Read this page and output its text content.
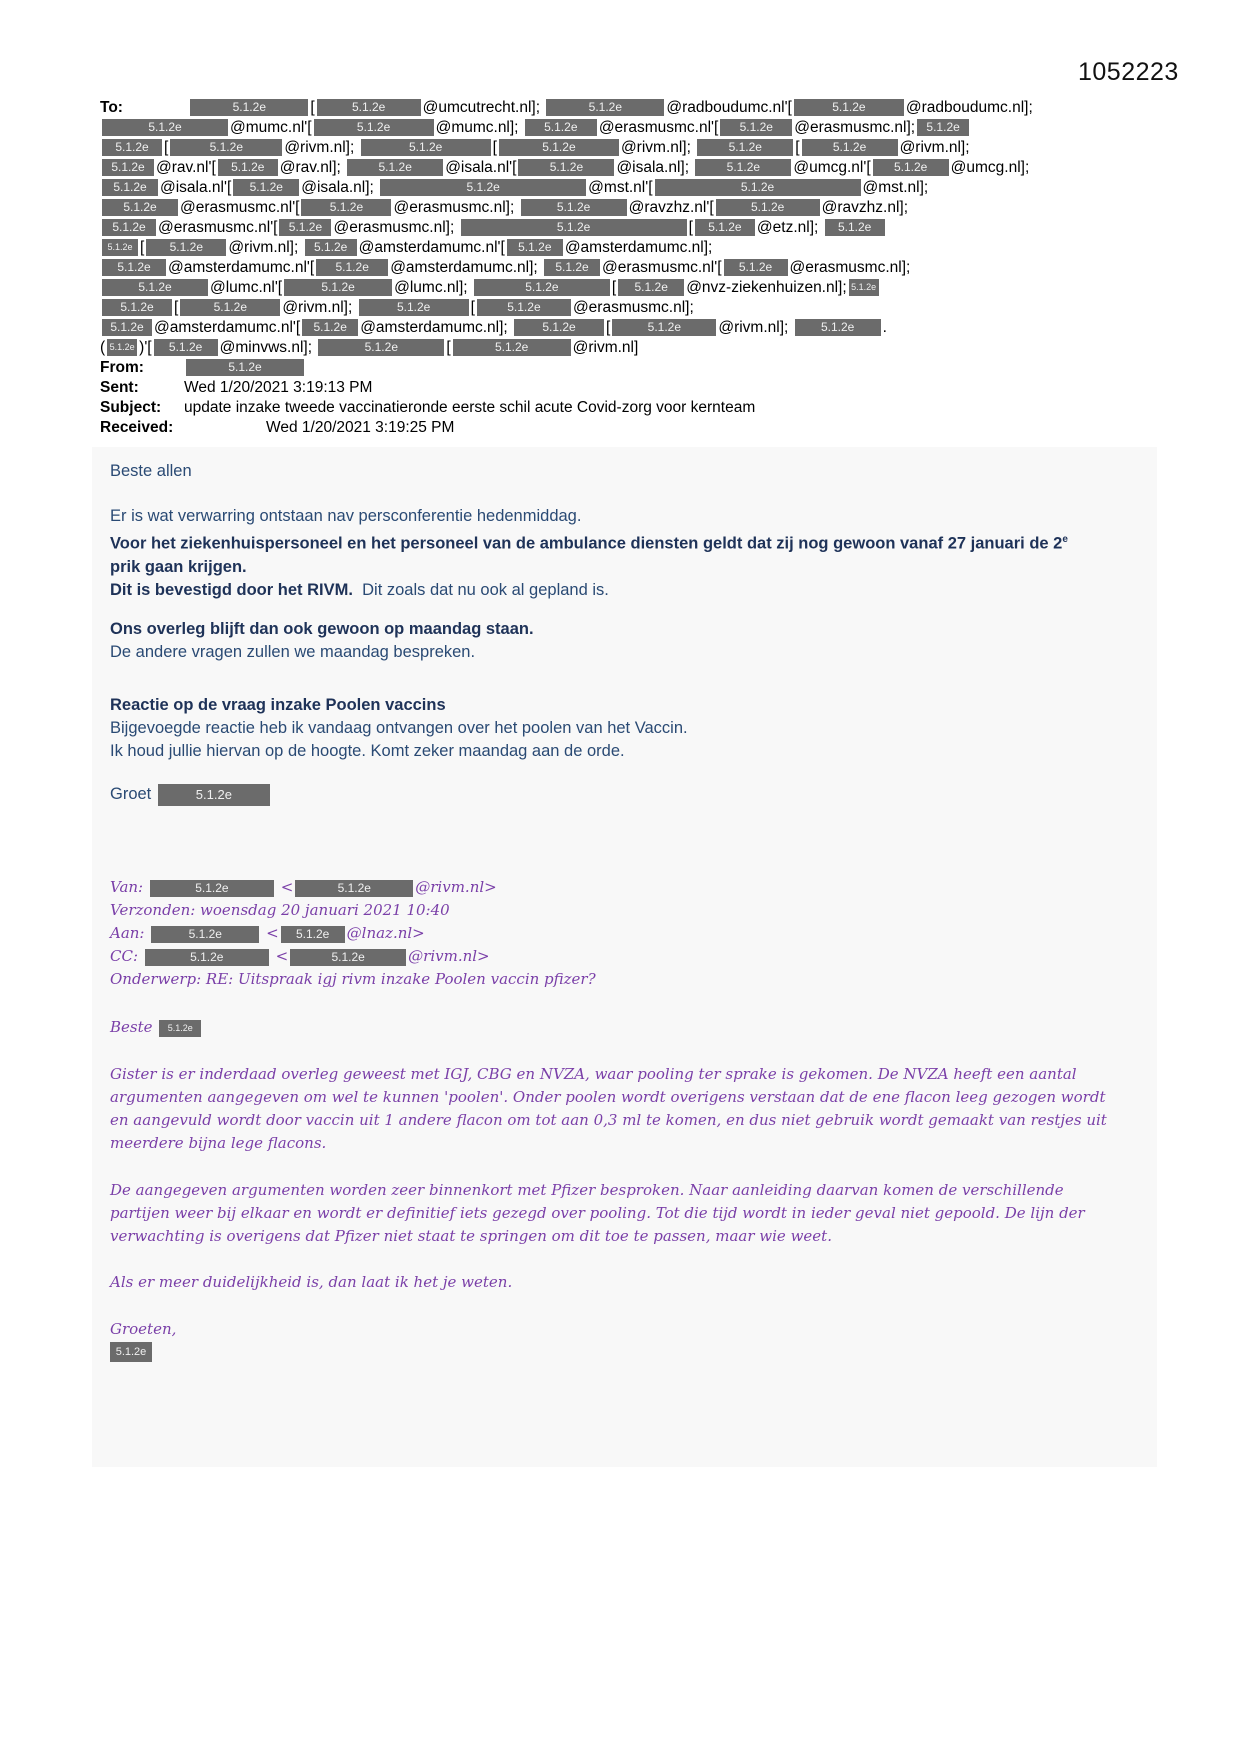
1052223
To:	5.1.2e	[	5.1.2e @umcutrecht.nl];	5.1.2e	@radboudumc.nl'[	5.1.2e	@radboudumc.nl];
5.1.2e	@mumc.nl'[	5.1.2e	@mumc.nl]; 5.1.2e @erasmusmc.nl'[ 5.1.2e @erasmusmc.nl]; 5.1.2e
5.1.2e [	5.1.2e	@rivm.nl];	5.1.2e	[	5.1.2e	@rivm.nl];	5.1.2e [	5.1.2e @rivm.nl];
5.1.2e @rav.nl'[ 5.1.2e @rav.nl];	5.1.2e @isala.nl'[	5.1.2e @isala.nl];	5.1.2e @umcg.nl'[ 5.1.2e @umcg.nl];
5.1.2e @isala.nl'[ 5.1.2e @isala.nl];	5.1.2e	@mst.nl'[	5.1.2e	@mst.nl];
5.1.2e @erasmusmc.nl'[	5.1.2e @erasmusmc.nl];	5.1.2e @ravzhz.nl'[	5.1.2e @ravzhz.nl];
5.1.2e @erasmusmc.nl'[ 5.1.2e @erasmusmc.nl];	5.1.2e	[ 5.1.2e @etz.nl]; 5.1.2e
5.1.2e [ 5.1.2e @rivm.nl]; 5.1.2e @amsterdamumc.nl'[ 5.1.2e @amsterdamumc.nl];
5.1.2e @amsterdamumc.nl'[ 5.1.2e @amsterdamumc.nl]; 5.1.2e @erasmusmc.nl'[ 5.1.2e @erasmusmc.nl];
5.1.2e @lumc.nl'[	5.1.2e	@lumc.nl];	5.1.2e	[ 5.1.2e @nvz-ziekenhuizen.nl]; 5.1.2e
5.1.2e [	5.1.2e @rivm.nl];	5.1.2e	[	5.1.2e @erasmusmc.nl];
5.1.2e @amsterdamumc.nl'[ 5.1.2e @amsterdamumc.nl];	5.1.2e [	5.1.2e @rivm.nl];	5.1.2e .
( 5.1.2e )'[ 5.1.2e @minvws.nl];	5.1.2e	[	5.1.2e	@rivm.nl]
From:	5.1.2e
Sent:	Wed 1/20/2021 3:19:13 PM
Subject: update inzake tweede vaccinatieronde eerste schil acute Covid-zorg voor kernteam
Received:	Wed 1/20/2021 3:19:25 PM
Beste allen
Er is wat verwarring ontstaan nav persconferentie hedenmiddag.
Voor het ziekenhuispersoneel en het personeel van de ambulance diensten geldt dat zij nog gewoon vanaf 27 januari de 2e
prik gaan krijgen.
Dit is bevestigd door het RIVM. Dit zoals dat nu ook al gepland is.
Ons overleg blijft dan ook gewoon op maandag staan.
De andere vragen zullen we maandag bespreken.
Reactie op de vraag inzake Poolen vaccins
Bijgevoegde reactie heb ik vandaag ontvangen over het poolen van het Vaccin.
Ik houd jullie hiervan op de hoogte. Komt zeker maandag aan de orde.
Groet	5.1.2e
Van:	5.1.2e	<	5.1.2e	@rivm.nl>
Verzonden: woensdag 20 januari 2021 10:40
Aan:	5.1.2e	< 5.1.2e @lnaz.nl>
CC:	5.1.2e	<	5.1.2e	@rivm.nl>
Onderwerp: RE: Uitspraak igj rivm inzake Poolen vaccin pfizer?
Beste 5.1.2e
Gister is er inderdaad overleg geweest met IGJ, CBG en NVZA, waar pooling ter sprake is gekomen. De NVZA heeft een aantal argumenten aangegeven om wel te kunnen 'poolen'. Onder poolen wordt overigens verstaan dat de ene flacon leeg gezogen wordt en aangevuld wordt door vaccin uit 1 andere flacon om tot aan 0,3 ml te komen, en dus niet gebruik wordt gemaakt van restjes uit meerdere bijna lege flacons.
De aangegeven argumenten worden zeer binnenkort met Pfizer besproken. Naar aanleiding daarvan komen de verschillende partijen weer bij elkaar en wordt er definitief iets gezegd over pooling. Tot die tijd wordt in ieder geval niet gepoold. De lijn der verwachting is overigens dat Pfizer niet staat te springen om dit toe te passen, maar wie weet.
Als er meer duidelijkheid is, dan laat ik het je weten.
Groeten,
5.1.2e
